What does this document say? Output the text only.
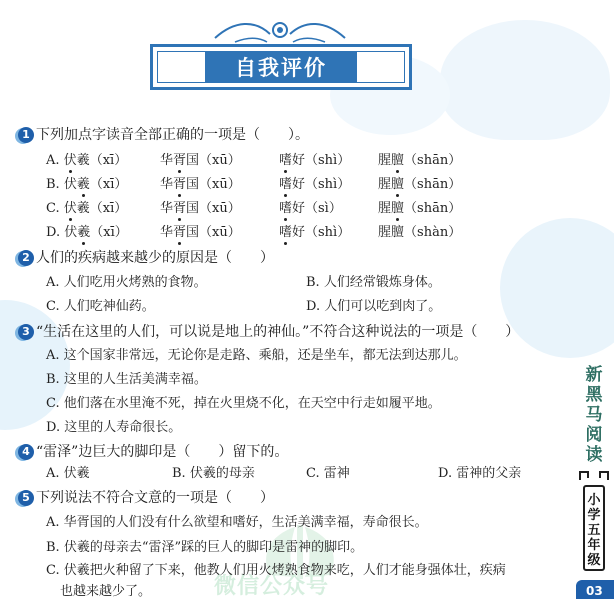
微信公众号
自我评价
1 下列加点字读音全部正确的一项是（　　）。
A. 伏羲（xī）	华胥国（xū）	嗜好（shì） 腥膻（shān）
B. 伏羲（xī）	华胥国（xū）	嗜好（shì） 腥膻（shān）
C. 伏羲（xī）	华胥国（xū）	嗜好（sì）	腥膻（shān）
D. 伏羲（xī） 华胥国（xū）	嗜好（shì） 腥膻（shàn）
2 人们的疾病越来越少的原因是（　　）
A. 人们吃用火烤熟的食物。	B. 人们经常锻炼身体。
C. 人们吃神仙药。	D. 人们可以吃到肉了。
3 “生活在这里的人们，可以说是地上的神仙。”不符合这种说法的一项是（　　）
A. 这个国家非常远，无论你是走路、乘船，还是坐车，都无法到达那儿。
B. 这里的人生活美满幸福。
C. 他们落在水里淹不死，掉在火里烧不化，在天空中行走如履平地。
D. 这里的人寿命很长。
4 “雷泽”边巨大的脚印是（　　）留下的。
A. 伏羲	B. 伏羲的母亲	C. 雷神	D. 雷神的父亲
5 下列说法不符合文意的一项是（　　）
A. 华胥国的人们没有什么欲望和嗜好，生活美满幸福，寿命很长。
B. 伏羲的母亲去“雷泽”踩的巨人的脚印是雷神的脚印。
C. 伏羲把火种留了下来，他教人们用火烤熟食物来吃，人们才能身强体壮，疾病
也越来越少了。
新
黑
马
阅
读
小
学
五
年
级
03
